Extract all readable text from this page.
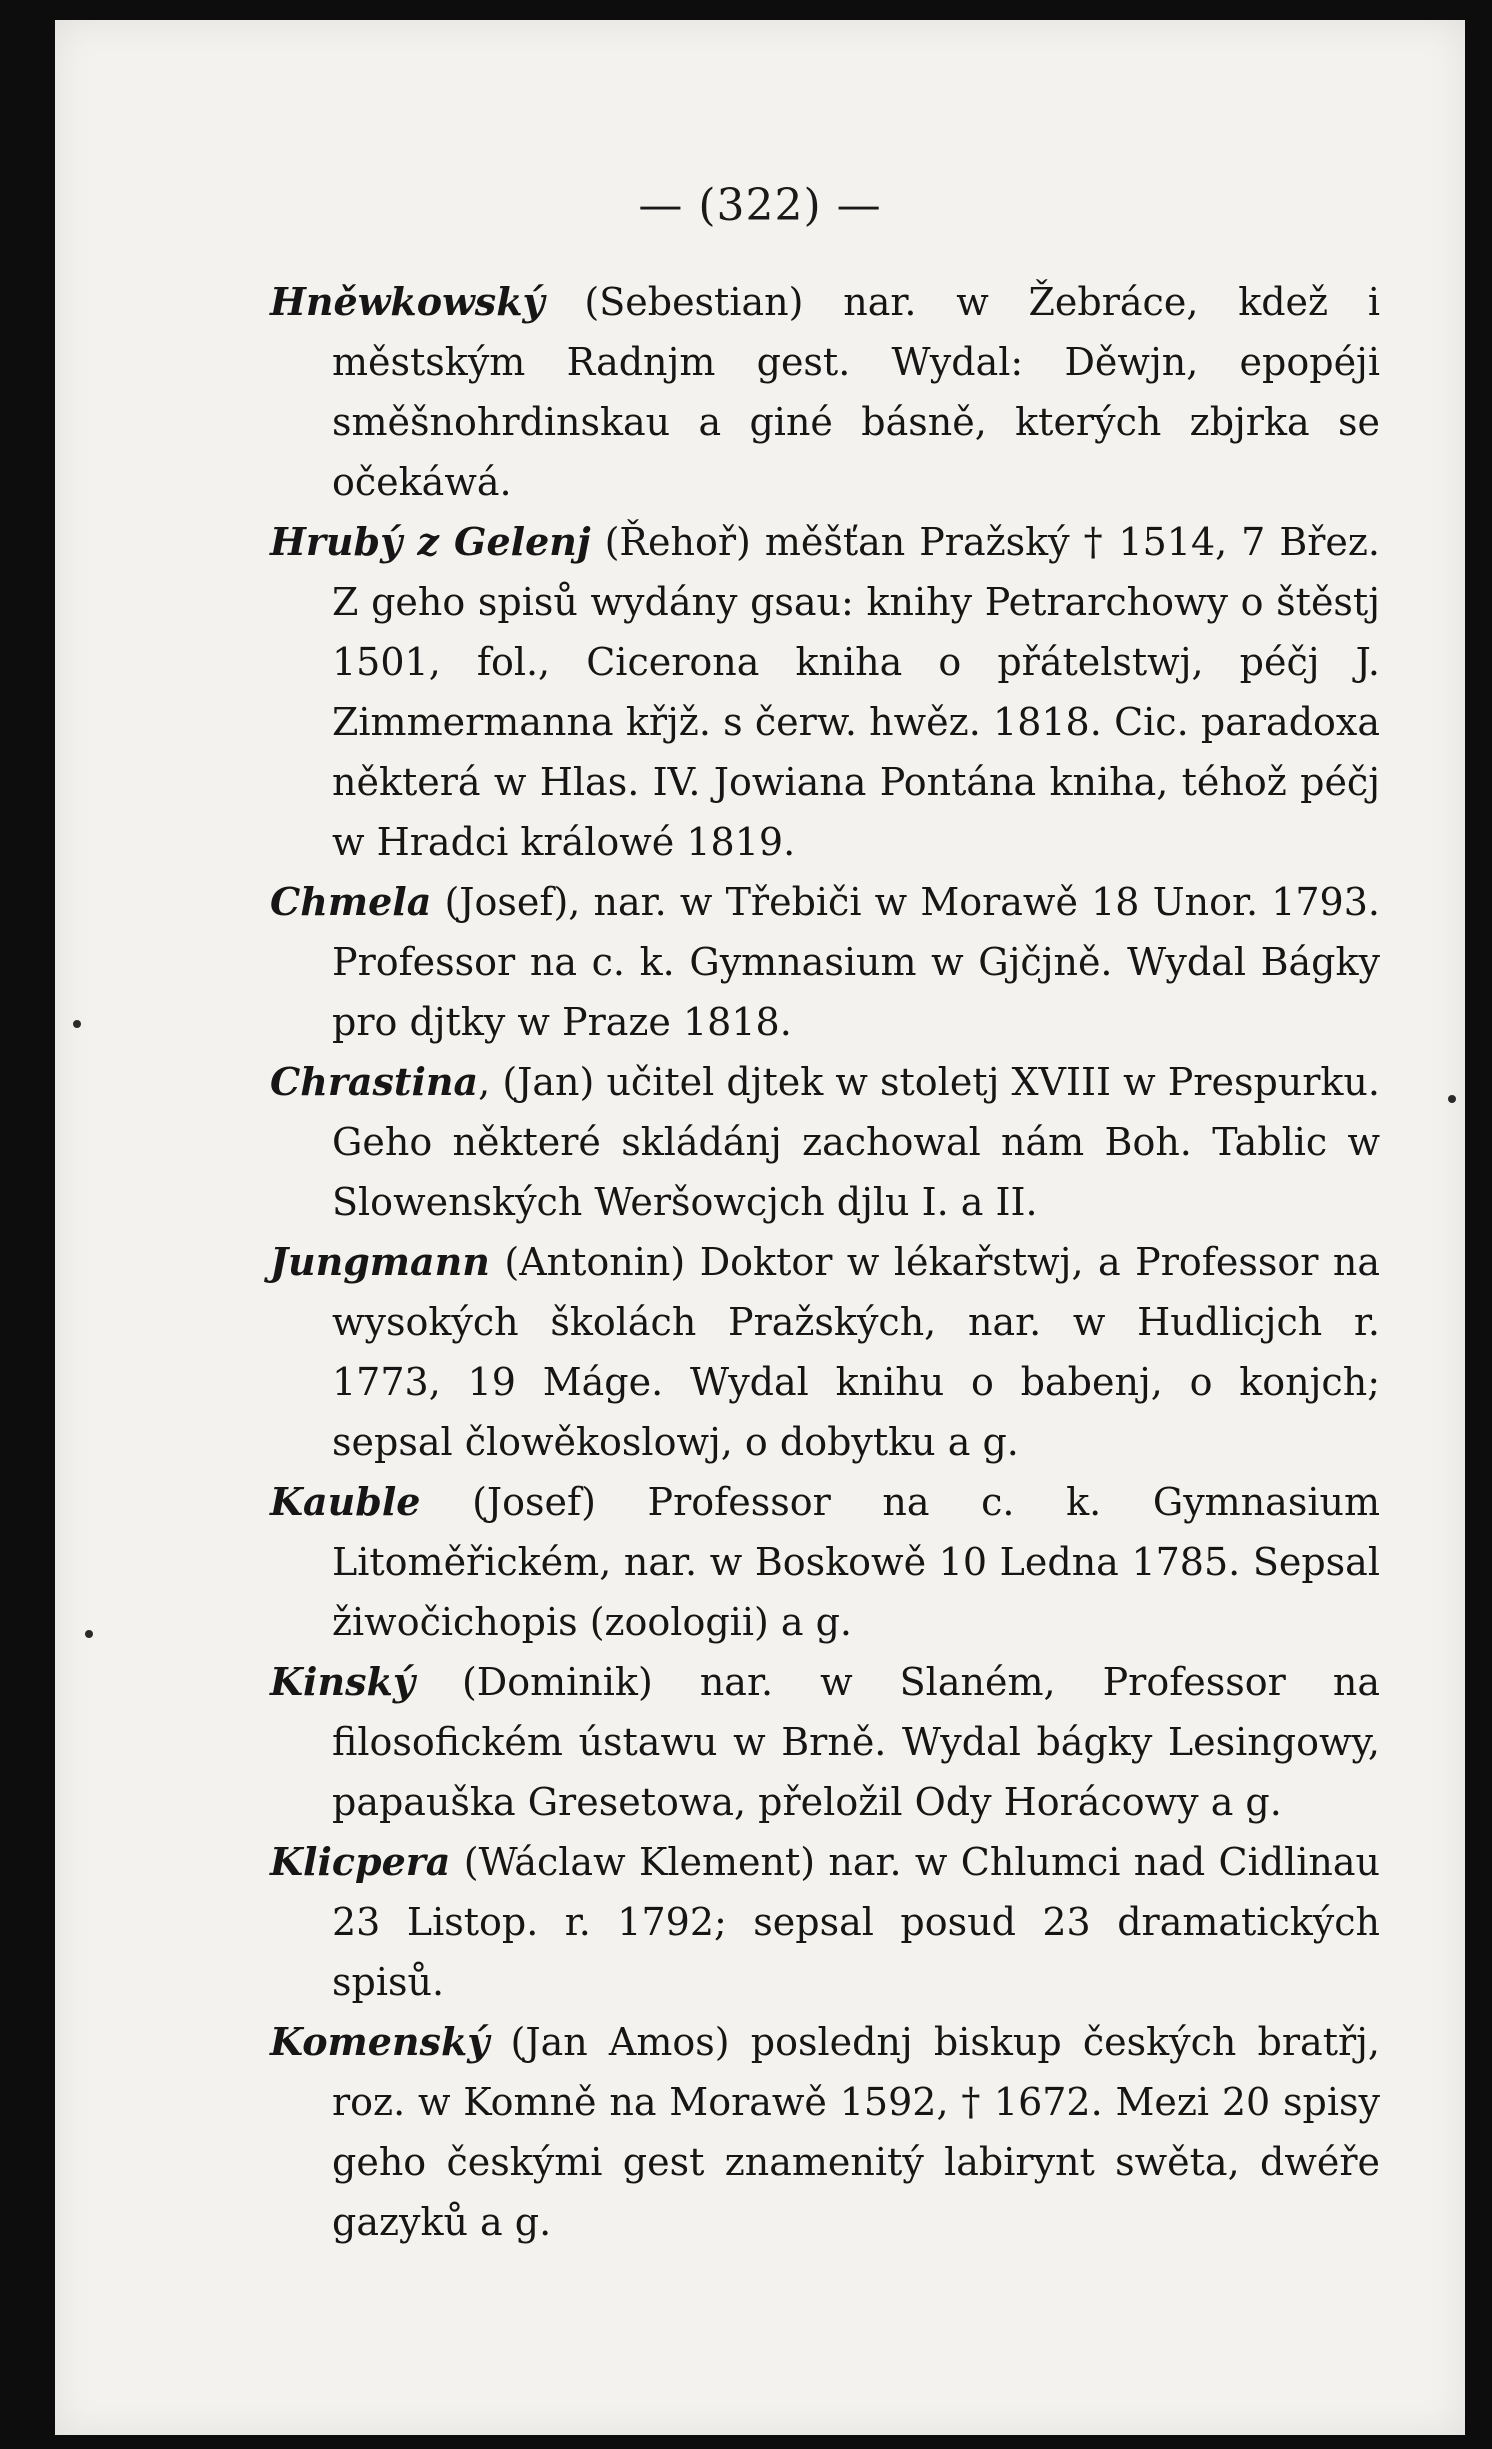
— (322) —

Hněwkowský (Sebestian) nar. w Žebráce, kdež i městským Radnjm gest. Wydal: Děwjn, epopéji směšnohrdinskau a giné básně, kterých zbjrka se očekáwá.

Hrubý z Gelenj (Řehoř) měšťan Pražský † 1514, 7 Břez. Z geho spisů wydány gsau: knihy Petrarchowy o štěstj 1501, fol., Cicerona kniha o přátelstwj, péčj J. Zimmermanna křjž. s čerw. hwěz. 1818. Cic. paradoxa některá w Hlas. IV. Jowiana Pontána kniha, téhož péčj w Hradci králowé 1819.

Chmela (Josef), nar. w Třebiči w Morawě 18 Unor. 1793. Professor na c. k. Gymnasium w Gjčjně. Wydal Bágky pro djtky w Praze 1818.

Chrastina, (Jan) učitel djtek w stoletj XVIII w Prespurku. Geho některé skládánj zachowal nám Boh. Tablic w Slowenských Weršowcjch djlu I. a II.

Jungmann (Antonin) Doktor w lékařstwj, a Professor na wysokých školách Pražských, nar. w Hudlicjch r. 1773, 19 Máge. Wydal knihu o babenj, o konjch; sepsal člowěkoslowj, o dobytku a g.

Kauble (Josef) Professor na c. k. Gymnasium Litoměřickém, nar. w Boskowě 10 Ledna 1785. Sepsal žiwočichopis (zoologii) a g.

Kinský (Dominik) nar. w Slaném, Professor na filosofickém ústawu w Brně. Wydal bágky Lesingowy, papauška Gresetowa, přeložil Ody Horácowy a g.

Klicpera (Wáclaw Klement) nar. w Chlumci nad Cidlinau 23 Listop. r. 1792; sepsal posud 23 dramatických spisů.

Komenský (Jan Amos) poslednj biskup českých bratřj, roz. w Komně na Morawě 1592, † 1672. Mezi 20 spisy geho českými gest znamenitý labirynt swěta, dwéře gazyků a g.
